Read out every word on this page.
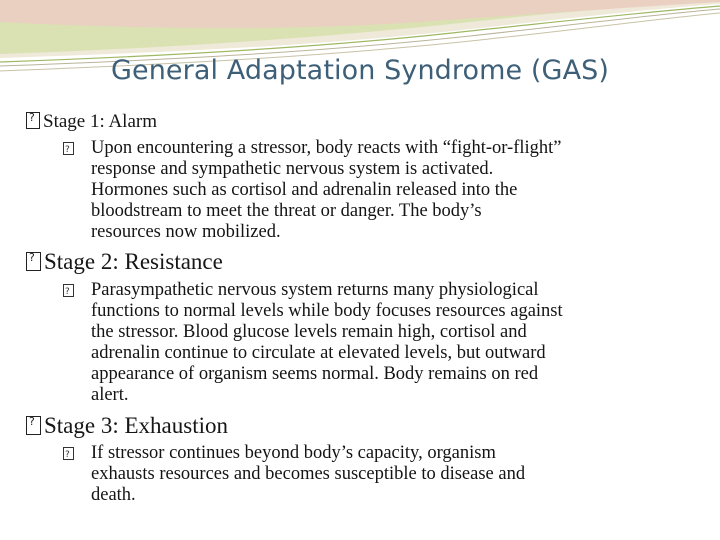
General Adaptation Syndrome (GAS)
?
Stage 1: Alarm
?
Upon encountering a stressor, body reacts with “fight-or-flight”
response and sympathetic nervous system is activated.
Hormones such as cortisol and adrenalin released into the
bloodstream to meet the threat or danger. The body’s
resources now mobilized.
?
Stage 2: Resistance
?
Parasympathetic nervous system returns many physiological
functions to normal levels while body focuses resources against
the stressor. Blood glucose levels remain high, cortisol and
adrenalin continue to circulate at elevated levels, but outward
appearance of organism seems normal. Body remains on red
alert.
?
Stage 3: Exhaustion
?
If stressor continues beyond body’s capacity, organism
exhausts resources and becomes susceptible to disease and
death.
